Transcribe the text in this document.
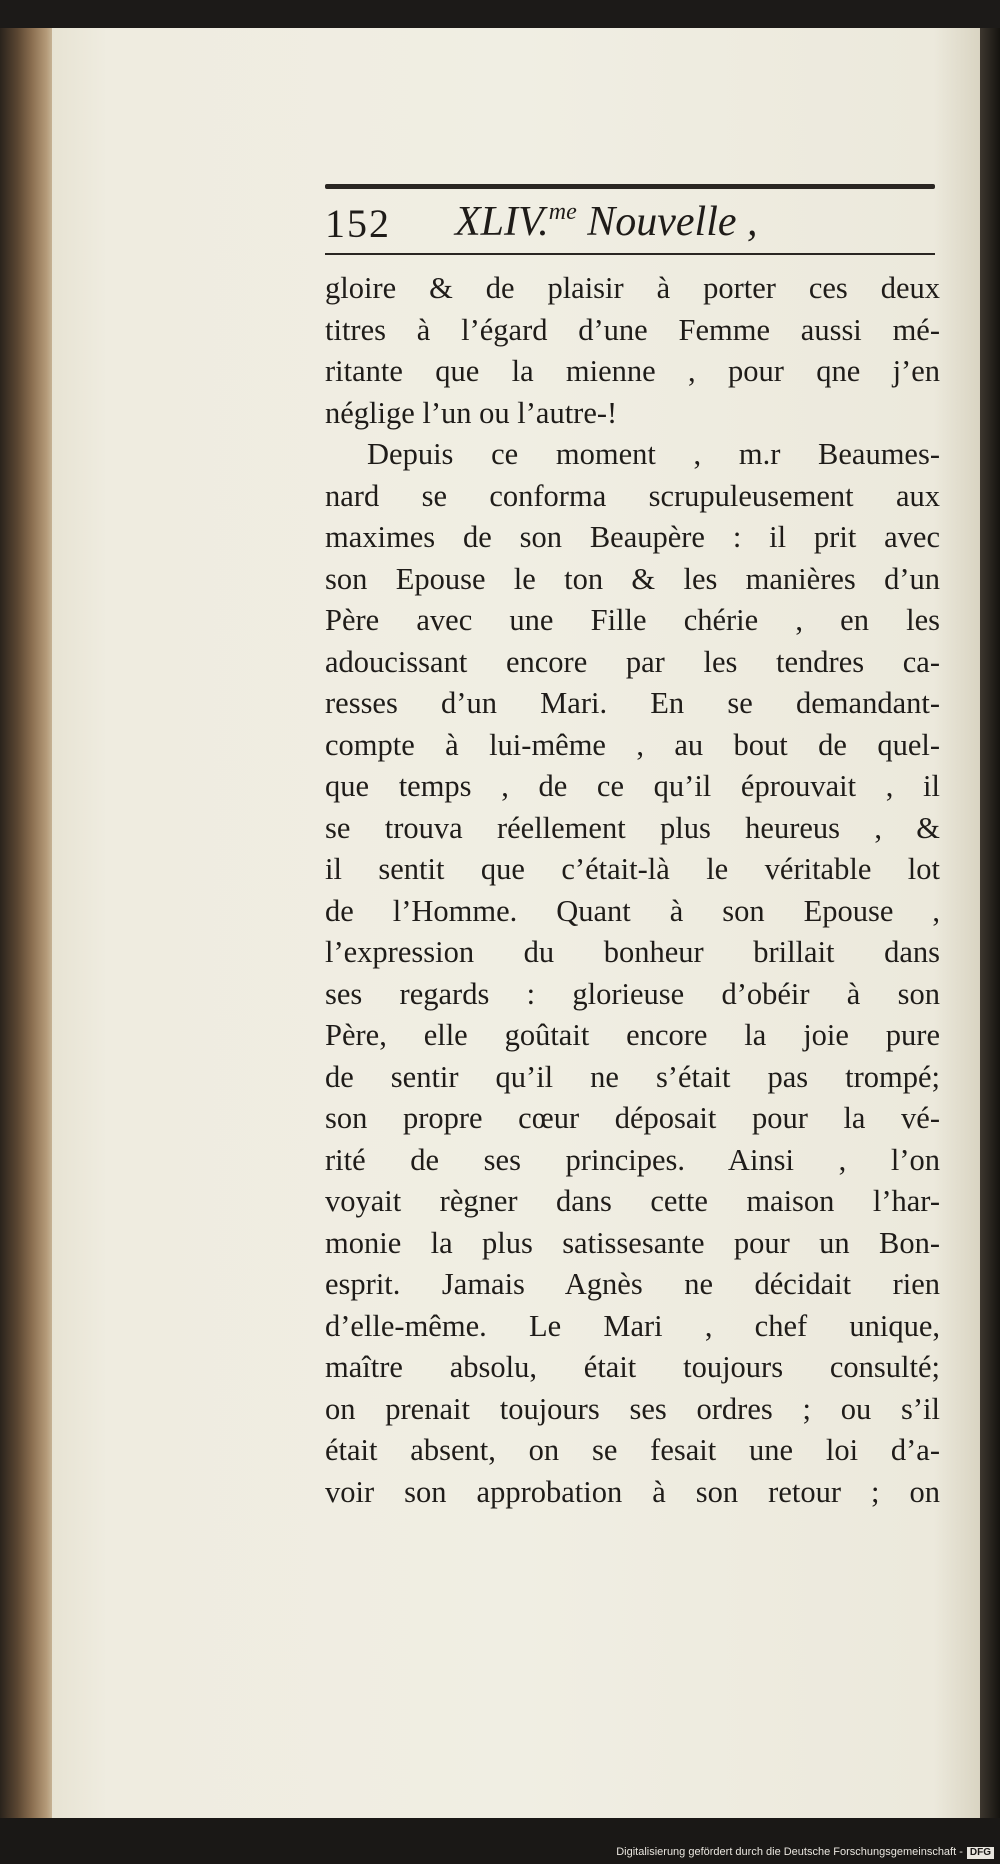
152 XLIV.$^{me}$ Nouvelle ,
gloire & de plaisir à porter ces deux
titres à l’égard d’une Femme aussi mé-
ritante que la mienne , pour qne j’en
néglige l’un ou l’autre-!
Depuis ce moment , m.r Beaumes-
nard se conforma scrupuleusement aux
maximes de son Beaupère : il prit avec
son Epouse le ton & les manières d’un
Père avec une Fille chérie , en les
adoucissant encore par les tendres ca-
resses d’un Mari. En se demandant-
compte à lui-même , au bout de quel-
que temps , de ce qu’il éprouvait , il
se trouva réellement plus heureus , &
il sentit que c’était-là le véritable lot
de l’Homme. Quant à son Epouse ,
l’expression du bonheur brillait dans
ses regards : glorieuse d’obéir à son
Père, elle goûtait encore la joie pure
de sentir qu’il ne s’était pas trompé;
son propre cœur déposait pour la vé-
rité de ses principes. Ainsi , l’on
voyait règner dans cette maison l’har-
monie la plus satissesante pour un Bon-
esprit. Jamais Agnès ne décidait rien
d’elle-même. Le Mari , chef unique,
maître absolu, était toujours consulté;
on prenait toujours ses ordres ; ou s’il
était absent, on se fesait une loi d’a-
voir son approbation à son retour ; on
Digitalisierung gefördert durch die Deutsche Forschungsgemeinschaft - DFG
